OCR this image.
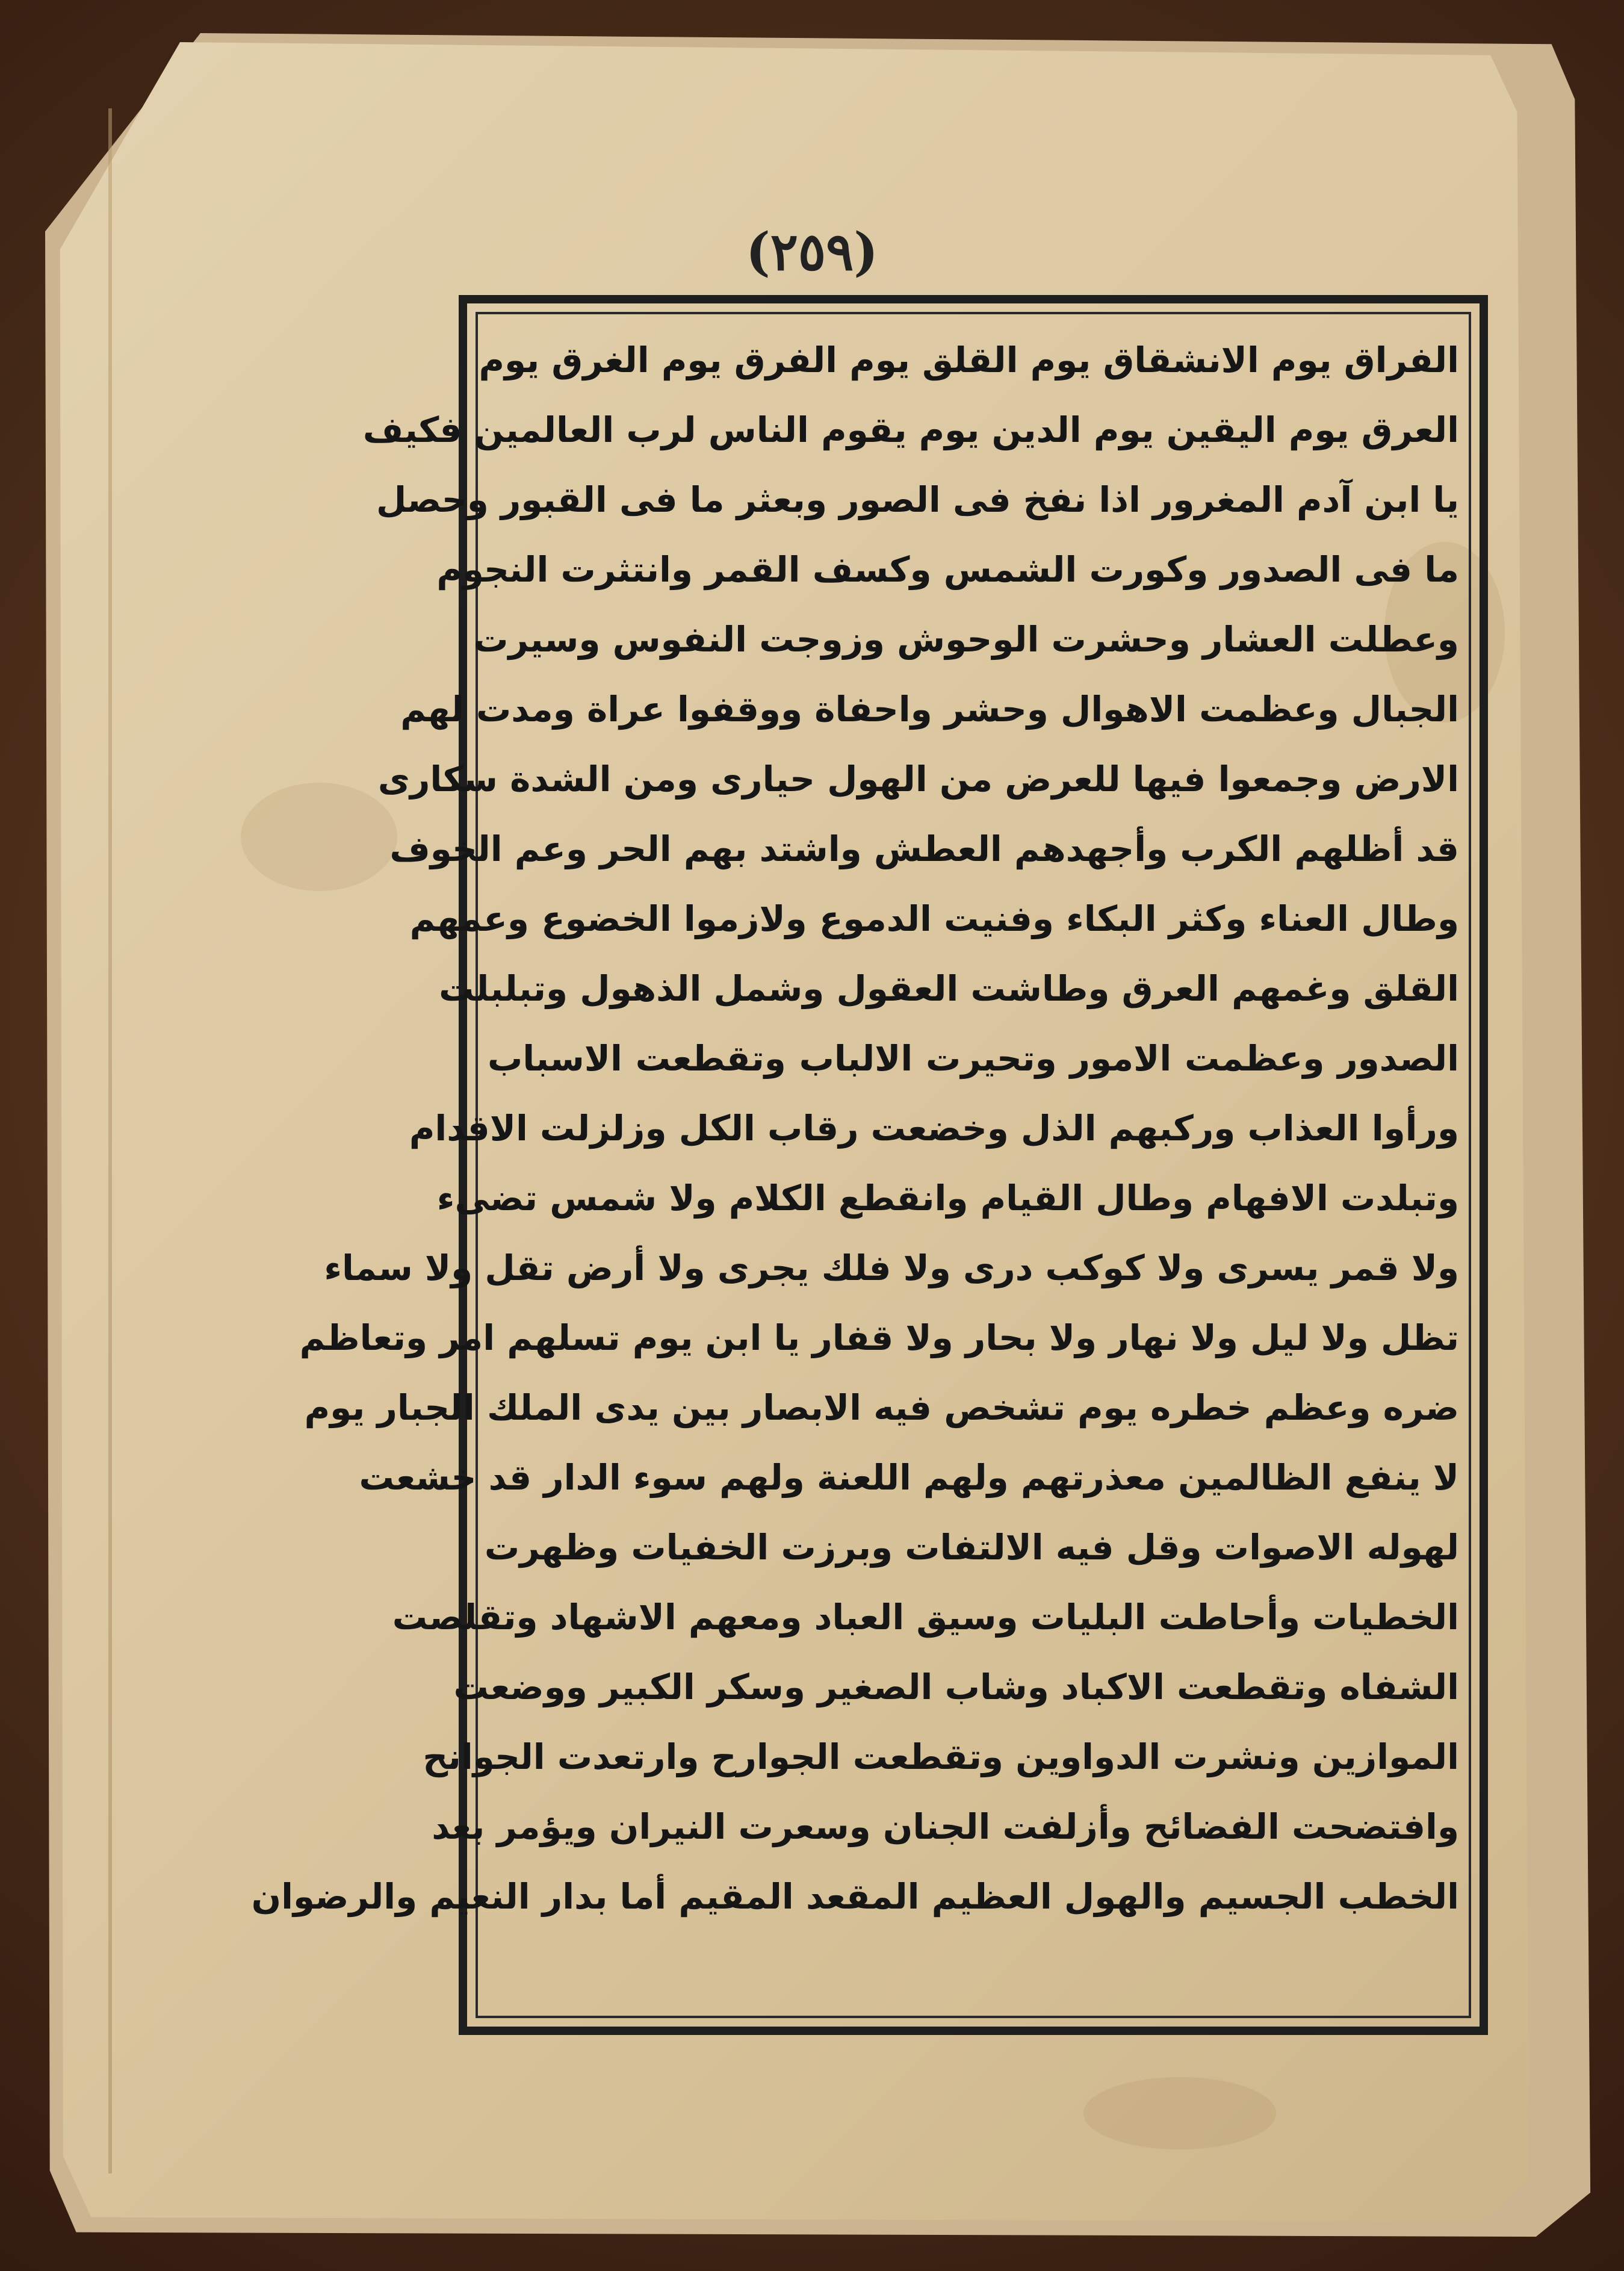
(٢٥٩)
الفراق يوم الانشقاق يوم القلق يوم الفرق يوم الغرق يوم
العرق يوم اليقين يوم الدين يوم يقوم الناس لرب العالمين فكيف
يا ابن آدم المغرور اذا نفخ فى الصور وبعثر ما فى القبور وحصل
ما فى الصدور وكورت الشمس وكسف القمر وانتثرت النجوم
وعطلت العشار وحشرت الوحوش وزوجت النفوس وسيرت
الجبال وعظمت الاهوال وحشر واحفاة ووقفوا عراة ومدت لهم
الارض وجمعوا فيها للعرض من الهول حيارى ومن الشدة سكارى
قد أظلهم الكرب وأجهدهم العطش واشتد بهم الحر وعم الخوف
وطال العناء وكثر البكاء وفنيت الدموع ولازموا الخضوع وعمهم
القلق وغمهم العرق وطاشت العقول وشمل الذهول وتبلبلت
الصدور وعظمت الامور وتحيرت الالباب وتقطعت الاسباب
ورأوا العذاب وركبهم الذل وخضعت رقاب الكل وزلزلت الاقدام
وتبلدت الافهام وطال القيام وانقطع الكلام ولا شمس تضىء
ولا قمر يسرى ولا كوكب درى ولا فلك يجرى ولا أرض تقل ولا سماء
تظل ولا ليل ولا نهار ولا بحار ولا قفار يا ابن يوم تسلهم امر وتعاظم
ضره وعظم خطره يوم تشخص فيه الابصار بين يدى الملك الجبار يوم
لا ينفع الظالمين معذرتهم ولهم اللعنة ولهم سوء الدار قد خشعت
لهوله الاصوات وقل فيه الالتفات وبرزت الخفيات وظهرت
الخطيات وأحاطت البليات وسيق العباد ومعهم الاشهاد وتقلصت
الشفاه وتقطعت الاكباد وشاب الصغير وسكر الكبير ووضعت
الموازين ونشرت الدواوين وتقطعت الجوارح وارتعدت الجوانح
وافتضحت الفضائح وأزلفت الجنان وسعرت النيران ويؤمر بعد
الخطب الجسيم والهول العظيم المقعد المقيم أما بدار النعيم والرضوان
